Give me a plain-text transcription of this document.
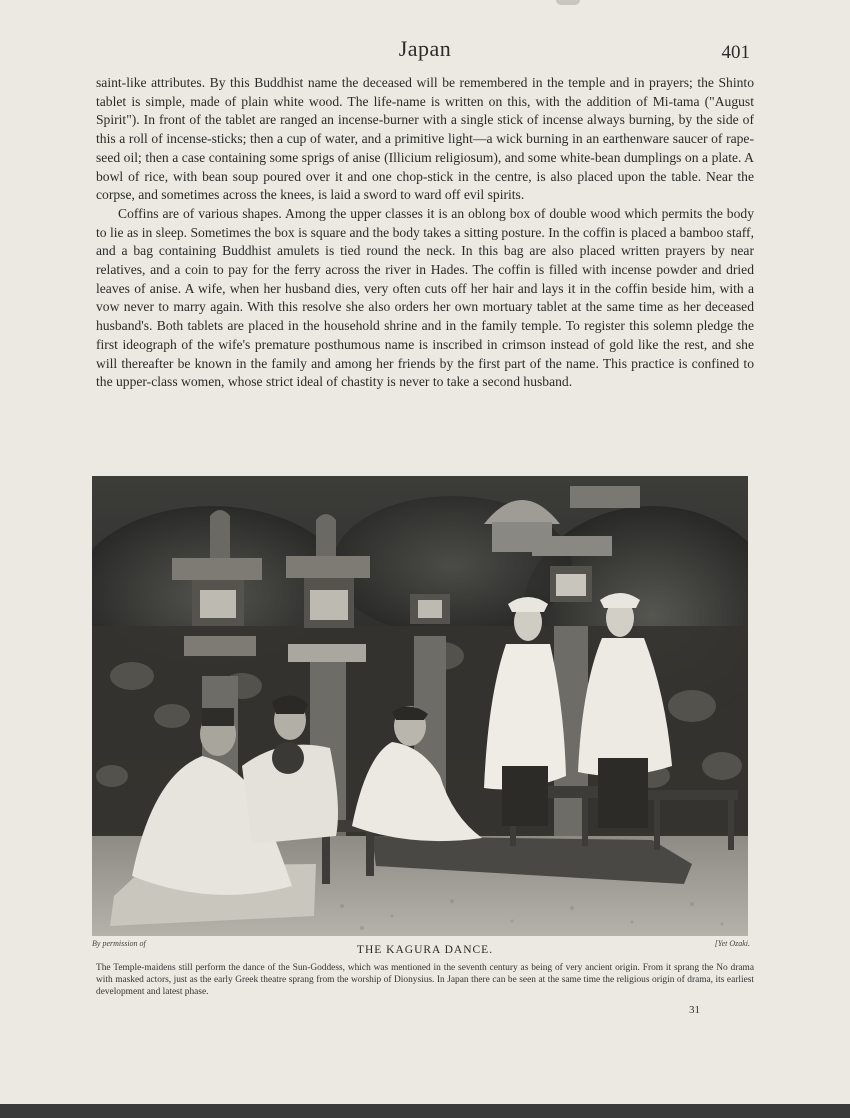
Japan	401

saint-like attributes. By this Buddhist name the deceased will be remembered in the temple and in prayers; the Shinto tablet is simple, made of plain white wood. The life-name is written on this, with the addition of Mi-tama ("August Spirit"). In front of the tablet are ranged an incense-burner with a single stick of incense always burning, by the side of this a roll of incense-sticks; then a cup of water, and a primitive light—a wick burning in an earthenware saucer of rape-seed oil; then a case containing some sprigs of anise (Illicium religiosum), and some white-bean dumplings on a plate. A bowl of rice, with bean soup poured over it and one chop-stick in the centre, is also placed upon the table. Near the corpse, and sometimes across the knees, is laid a sword to ward off evil spirits.

Coffins are of various shapes. Among the upper classes it is an oblong box of double wood which permits the body to lie as in sleep. Sometimes the box is square and the body takes a sitting posture. In the coffin is placed a bamboo staff, and a bag containing Buddhist amulets is tied round the neck. In this bag are also placed written prayers by near relatives, and a coin to pay for the ferry across the river in Hades. The coffin is filled with incense powder and dried leaves of anise. A wife, when her husband dies, very often cuts off her hair and lays it in the coffin beside him, with a vow never to marry again. With this resolve she also orders her own mortuary tablet at the same time as her deceased husband's. Both tablets are placed in the household shrine and in the family temple. To register this solemn pledge the first ideograph of the wife's premature posthumous name is inscribed in crimson instead of gold like the rest, and she will thereafter be known in the family and among her friends by the first part of the name. This practice is confined to the upper-class women, whose strict ideal of chastity is never to take a second husband.

By permission of	[Yet Ozaki.
THE KAGURA DANCE.
The Temple-maidens still perform the dance of the Sun-Goddess, which was mentioned in the seventh century as being of very ancient origin. From it sprang the No drama with masked actors, just as the early Greek theatre sprang from the worship of Dionysius. In Japan there can be seen at the same time the religious origin of drama, its earliest development and latest phase.
31
